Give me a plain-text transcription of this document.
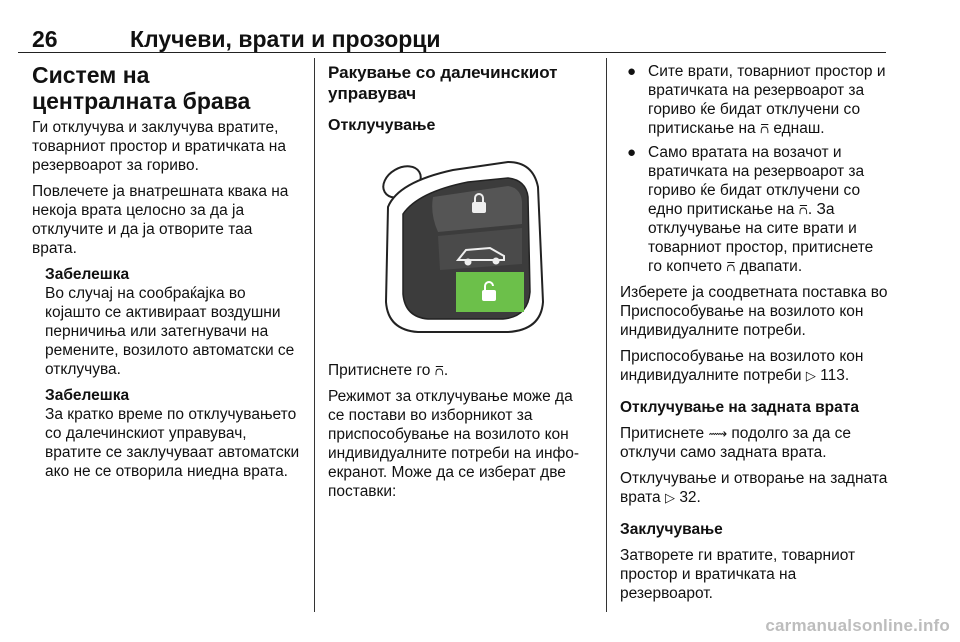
26	Клучеви, врати и прозорци
Систем на централната брава

Ги отклучува и заклучува вратите, товарниот простор и вратичката на резервоарот за гориво.

Повлечете ја внатрешната квака на некоја врата целосно за да ја отклучите и да ја отворите таа врата.

Забелешка

Во случај на сообраќајка во којашто се активираат воздушни перничиња или затегнувачи на ремените, возилото автоматски се отклучува.

Забелешка

За кратко време по отклучувањето со далечинскиот управувач, вратите се заклучуваат автоматски ако не се отворила ниедна врата.

Ракување со далечинскиот управувач
Отклучување

Притиснете го ⩃.

Режимот за отклучување може да се постави во изборникот за приспособување на возилото кон индивидуалните потреби на инфо-екранот. Може да се изберат две поставки:

● Сите врати, товарниот простор и вратичката на резервоарот за гориво ќе бидат отклучени со притискање на ⩃ еднаш.
● Само вратата на возачот и вратичката на резервоарот за гориво ќе бидат отклучени со едно притискање на ⩃. За отклучување на сите врати и товарниот простор, притиснете го копчето ⩃ двапати.

Изберете ја соодветната поставка во Приспособување на возилото кон индивидуалните потреби.

Приспособување на возилото кон индивидуалните потреби ▷ 113.

Отклучување на задната врата

Притиснете ⟿ подолго за да се отклучи само задната врата.

Отклучување и отворање на задната врата ▷ 32.

Заклучување

Затворете ги вратите, товарниот простор и вратичката на резервоарот.

carmanualsonline.info
